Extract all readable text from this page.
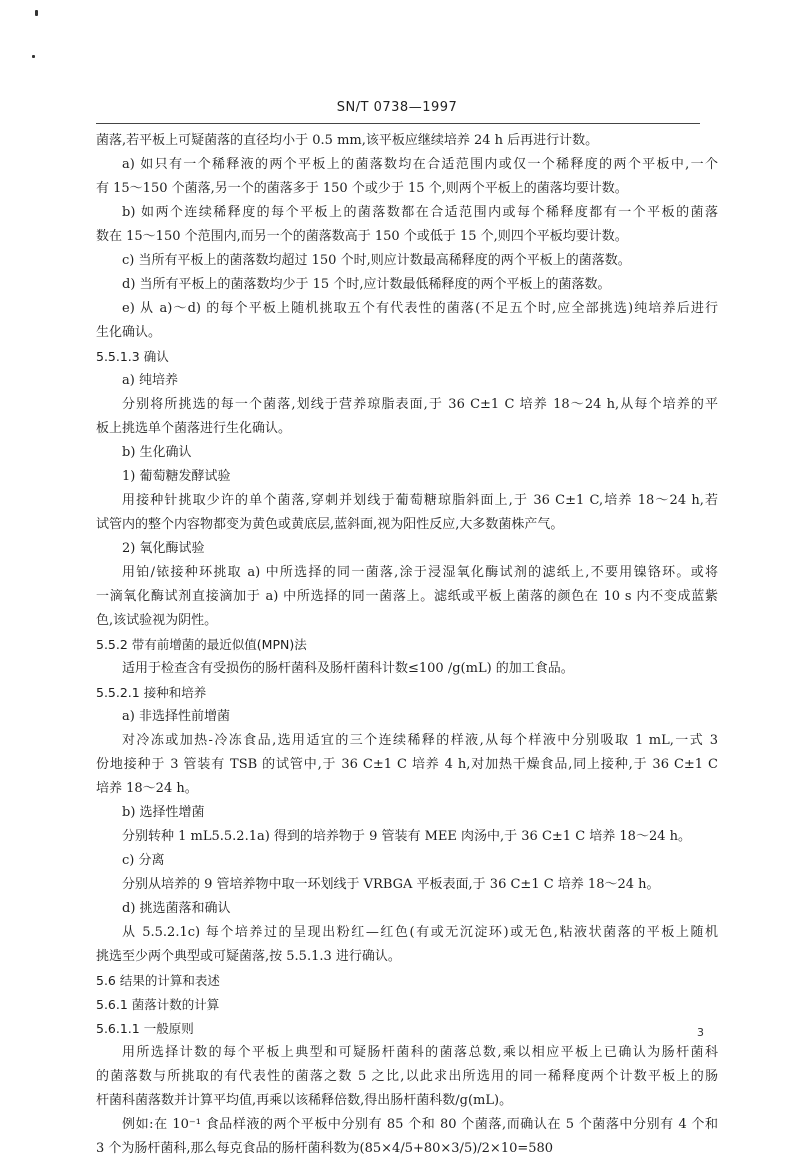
SN/T 0738—1997
菌落,若平板上可疑菌落的直径均小于 0.5 mm,该平板应继续培养 24 h 后再进行计数。
a) 如只有一个稀释液的两个平板上的菌落数均在合适范围内或仅一个稀释度的两个平板中,一个
有 15～150 个菌落,另一个的菌落多于 150 个或少于 15 个,则两个平板上的菌落均要计数。
b) 如两个连续稀释度的每个平板上的菌落数都在合适范围内或每个稀释度都有一个平板的菌落
数在 15～150 个范围内,而另一个的菌落数高于 150 个或低于 15 个,则四个平板均要计数。
c) 当所有平板上的菌落数均超过 150 个时,则应计数最高稀释度的两个平板上的菌落数。
d) 当所有平板上的菌落数均少于 15 个时,应计数最低稀释度的两个平板上的菌落数。
e) 从 a)～d) 的每个平板上随机挑取五个有代表性的菌落(不足五个时,应全部挑选)纯培养后进行
生化确认。
5.5.1.3 确认
a) 纯培养
分别将所挑选的每一个菌落,划线于营养琼脂表面,于 36 C±1 C 培养 18～24 h,从每个培养的平
板上挑选单个菌落进行生化确认。
b) 生化确认
1) 葡萄糖发酵试验
用接种针挑取少许的单个菌落,穿刺并划线于葡萄糖琼脂斜面上,于 36 C±1 C,培养 18～24 h,若
试管内的整个内容物都变为黄色或黄底层,蓝斜面,视为阳性反应,大多数菌株产气。
2) 氧化酶试验
用铂/铱接种环挑取 a) 中所选择的同一菌落,涂于浸湿氧化酶试剂的滤纸上,不要用镍铬环。或将
一滴氧化酶试剂直接滴加于 a) 中所选择的同一菌落上。滤纸或平板上菌落的颜色在 10 s 内不变成蓝紫
色,该试验视为阴性。
5.5.2 带有前增菌的最近似值(MPN)法
适用于检查含有受损伤的肠杆菌科及肠杆菌科计数≤100 /g(mL) 的加工食品。
5.5.2.1 接种和培养
a) 非选择性前增菌
对冷冻或加热-冷冻食品,选用适宜的三个连续稀释的样液,从每个样液中分别吸取 1 mL,一式 3
份地接种于 3 管装有 TSB 的试管中,于 36 C±1 C 培养 4 h,对加热干燥食品,同上接种,于 36 C±1 C
培养 18～24 h。
b) 选择性增菌
分别转种 1 mL5.5.2.1a) 得到的培养物于 9 管装有 MEE 肉汤中,于 36 C±1 C 培养 18～24 h。
c) 分离
分别从培养的 9 管培养物中取一环划线于 VRBGA 平板表面,于 36 C±1 C 培养 18～24 h。
d) 挑选菌落和确认
从 5.5.2.1c) 每个培养过的呈现出粉红—红色(有或无沉淀环)或无色,粘液状菌落的平板上随机
挑选至少两个典型或可疑菌落,按 5.5.1.3 进行确认。
5.6 结果的计算和表述
5.6.1 菌落计数的计算
5.6.1.1 一般原则
用所选择计数的每个平板上典型和可疑肠杆菌科的菌落总数,乘以相应平板上已确认为肠杆菌科
的菌落数与所挑取的有代表性的菌落之数 5 之比,以此求出所选用的同一稀释度两个计数平板上的肠
杆菌科菌落数并计算平均值,再乘以该稀释倍数,得出肠杆菌科数/g(mL)。
例如:在 10⁻¹ 食品样液的两个平板中分别有 85 个和 80 个菌落,而确认在 5 个菌落中分别有 4 个和
3 个为肠杆菌科,那么每克食品的肠杆菌科数为(85×4/5+80×3/5)/2×10=580
3
